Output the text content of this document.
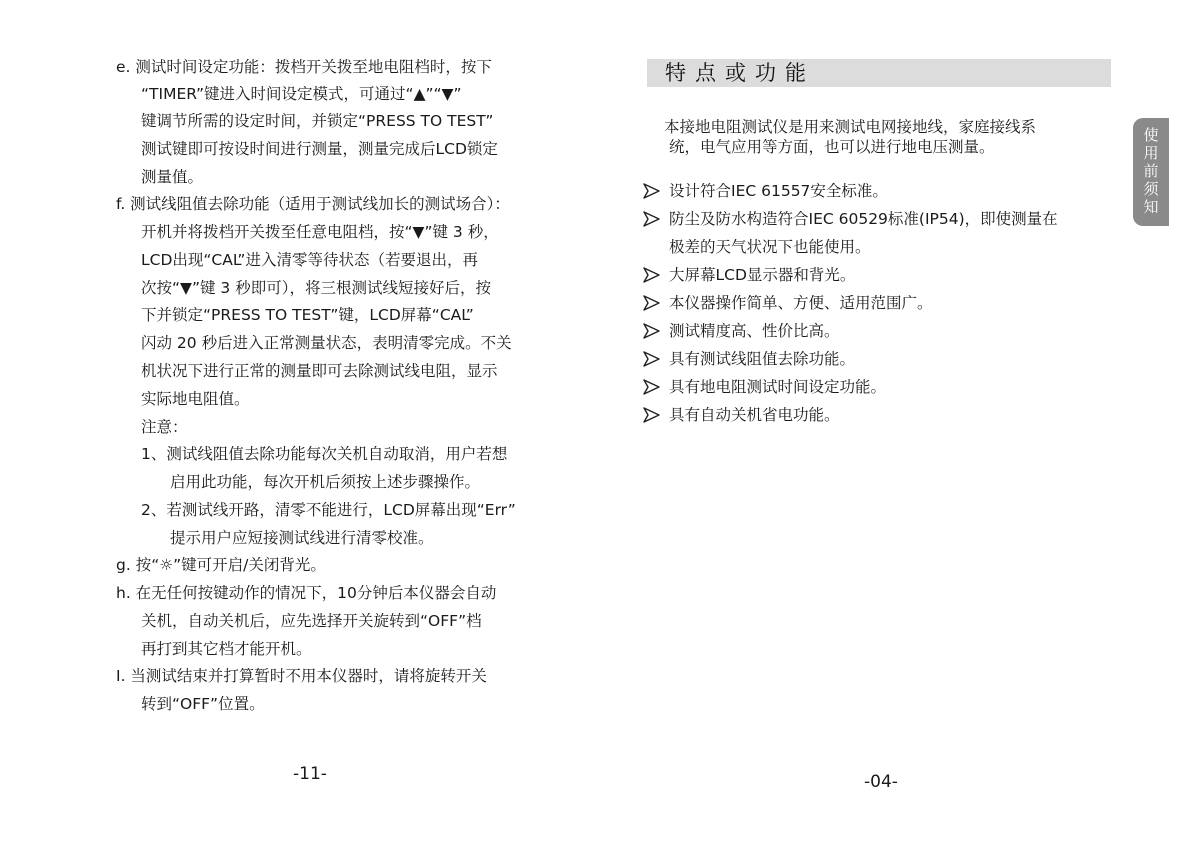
e. 测试时间设定功能：拨档开关拨至地电阻档时，按下
“TIMER”键进入时间设定模式，可通过“▲”“▼”
键调节所需的设定时间，并锁定“PRESS TO TEST”
测试键即可按设时间进行测量，测量完成后LCD锁定
测量值。
f. 测试线阻值去除功能（适用于测试线加长的测试场合）：
开机并将拨档开关拨至任意电阻档，按“▼”键 3 秒，
LCD出现“CAL”进入清零等待状态（若要退出，再
次按“▼”键 3 秒即可），将三根测试线短接好后，按
下并锁定“PRESS TO TEST”键，LCD屏幕“CAL”
闪动 20 秒后进入正常测量状态，表明清零完成。不关
机状况下进行正常的测量即可去除测试线电阻，显示
实际地电阻值。
注意：
1、测试线阻值去除功能每次关机自动取消，用户若想
启用此功能，每次开机后须按上述步骤操作。
2、若测试线开路，清零不能进行，LCD屏幕出现“Err”
提示用户应短接测试线进行清零校准。
g. 按“☼”键可开启/关闭背光。
h. 在无任何按键动作的情况下，10分钟后本仪器会自动
关机，自动关机后，应先选择开关旋转到“OFF”档
再打到其它档才能开机。
I. 当测试结束并打算暂时不用本仪器时，请将旋转开关
转到“OFF”位置。
-11-
特点或功能
本接地电阻测试仪是用来测试电网接地线，家庭接线系
统，电气应用等方面，也可以进行地电压测量。
设计符合IEC 61557安全标准。
防尘及防水构造符合IEC 60529标准(IP54)，即使测量在
极差的天气状况下也能使用。
大屏幕LCD显示器和背光。
本仪器操作简单、方便、适用范围广。
测试精度高、性价比高。
具有测试线阻值去除功能。
具有地电阻测试时间设定功能。
具有自动关机省电功能。
使
用
前
须
知
-04-
